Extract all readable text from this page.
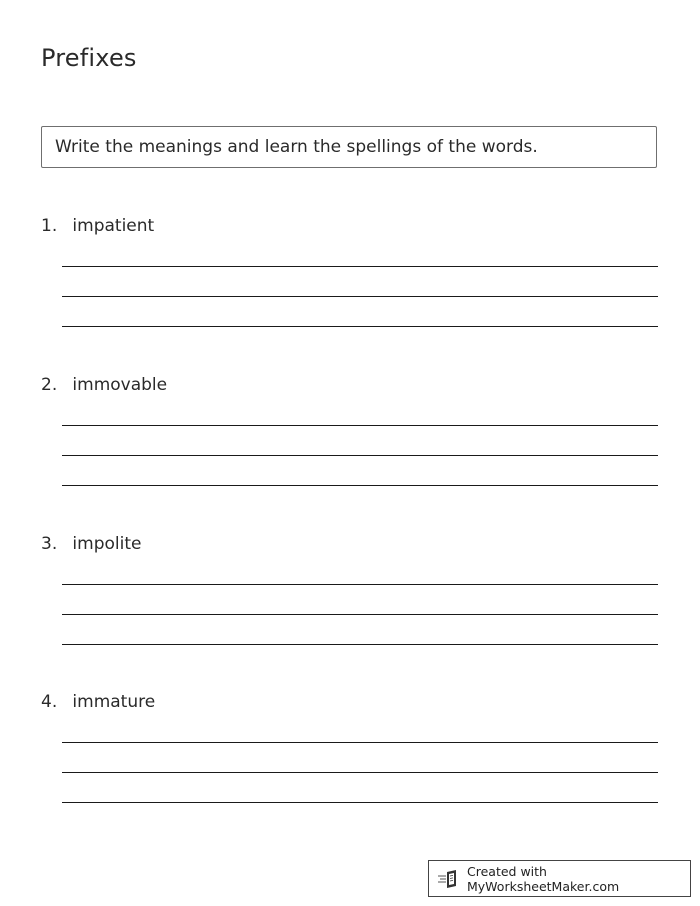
Prefixes
Write the meanings and learn the spellings of the words.
1. impatient
2. immovable
3. impolite
4. immature
Created with MyWorksheetMaker.com
